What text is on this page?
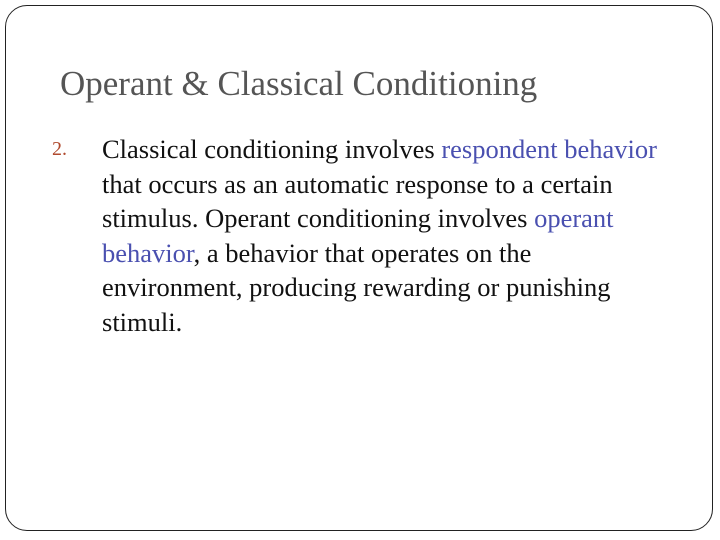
Operant & Classical Conditioning
2. Classical conditioning involves respondent behavior that occurs as an automatic response to a certain stimulus. Operant conditioning involves operant behavior, a behavior that operates on the environment, producing rewarding or punishing stimuli.
